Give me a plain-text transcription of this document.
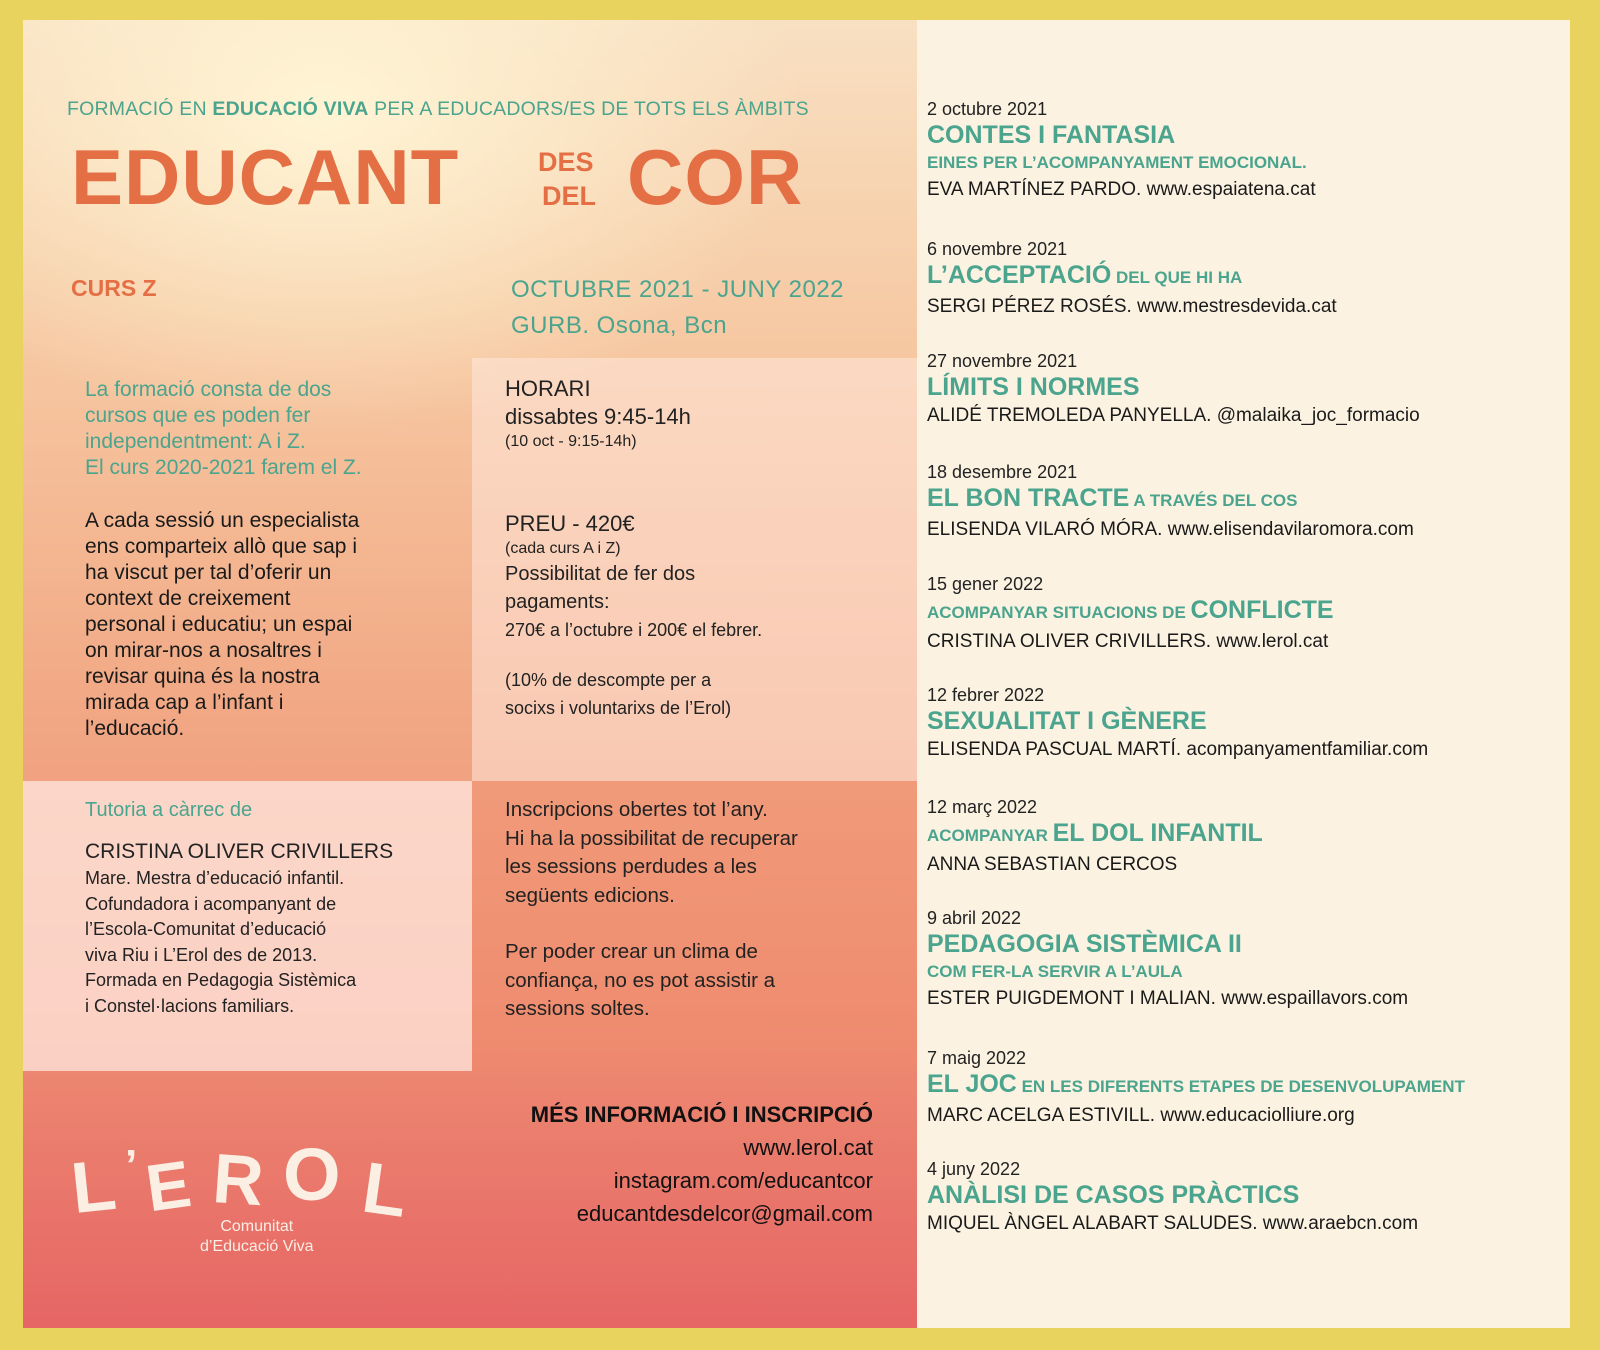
FORMACIÓ EN EDUCACIÓ VIVA PER A EDUCADORS/ES DE TOTS ELS ÀMBITS
EDUCANT	DES
DEL COR
CURS Z	OCTUBRE 2021 - JUNY 2022
GURB. Osona, Bcn
La formació consta de dos
cursos que es poden fer
independentment: A i Z.
El curs 2020-2021 farem el Z.
A cada sessió un especialista
ens comparteix allò que sap i
ha viscut per tal d’oferir un
context de creixement
personal i educatiu; un espai
on mirar-nos a nosaltres i
revisar quina és la nostra
mirada cap a l’infant i
l’educació.
HORARI
dissabtes 9:45-14h
(10 oct - 9:15-14h)
PREU - 420€
(cada curs A i Z)
Possibilitat de fer dos
pagaments:
270€ a l’octubre i 200€ el febrer.
(10% de descompte per a
socixs i voluntarixs de l’Erol)
Tutoria a càrrec de
CRISTINA OLIVER CRIVILLERS
Mare. Mestra d’educació infantil.
Cofundadora i acompanyant de
l’Escola-Comunitat d’educació
viva Riu i L’Erol des de 2013.
Formada en Pedagogia Sistèmica
i Constel·lacions familiars.
Inscripcions obertes tot l’any.
Hi ha la possibilitat de recuperar
les sessions perdudes a les
següents edicions.
Per poder crear un clima de
confiança, no es pot assistir a
sessions soltes.
L ’ E R O L
Comunitat
d’Educació Viva
MÉS INFORMACIÓ I INSCRIPCIÓ
www.lerol.cat
instagram.com/educantcor
educantdesdelcor@gmail.com
2 octubre 2021
CONTES I FANTASIA
EINES PER L’ACOMPANYAMENT EMOCIONAL.
EVA MARTÍNEZ PARDO. www.espaiatena.cat
6 novembre 2021
L’ACCEPTACIÓ DEL QUE HI HA
SERGI PÉREZ ROSÉS. www.mestresdevida.cat
27 novembre 2021
LÍMITS I NORMES
ALIDÉ TREMOLEDA PANYELLA. @malaika_joc_formacio
18 desembre 2021
EL BON TRACTE A TRAVÉS DEL COS
ELISENDA VILARÓ MÓRA. www.elisendavilaromora.com
15 gener 2022
ACOMPANYAR SITUACIONS DE CONFLICTE
CRISTINA OLIVER CRIVILLERS. www.lerol.cat
12 febrer 2022
SEXUALITAT I GÈNERE
ELISENDA PASCUAL MARTÍ. acompanyamentfamiliar.com
12 març 2022
ACOMPANYAR EL DOL INFANTIL
ANNA SEBASTIAN CERCOS
9 abril 2022
PEDAGOGIA SISTÈMICA II
COM FER-LA SERVIR A L’AULA
ESTER PUIGDEMONT I MALIAN. www.espaillavors.com
7 maig 2022
EL JOC EN LES DIFERENTS ETAPES DE DESENVOLUPAMENT
MARC ACELGA ESTIVILL. www.educaciolliure.org
4 juny 2022
ANÀLISI DE CASOS PRÀCTICS
MIQUEL ÀNGEL ALABART SALUDES. www.araebcn.com
